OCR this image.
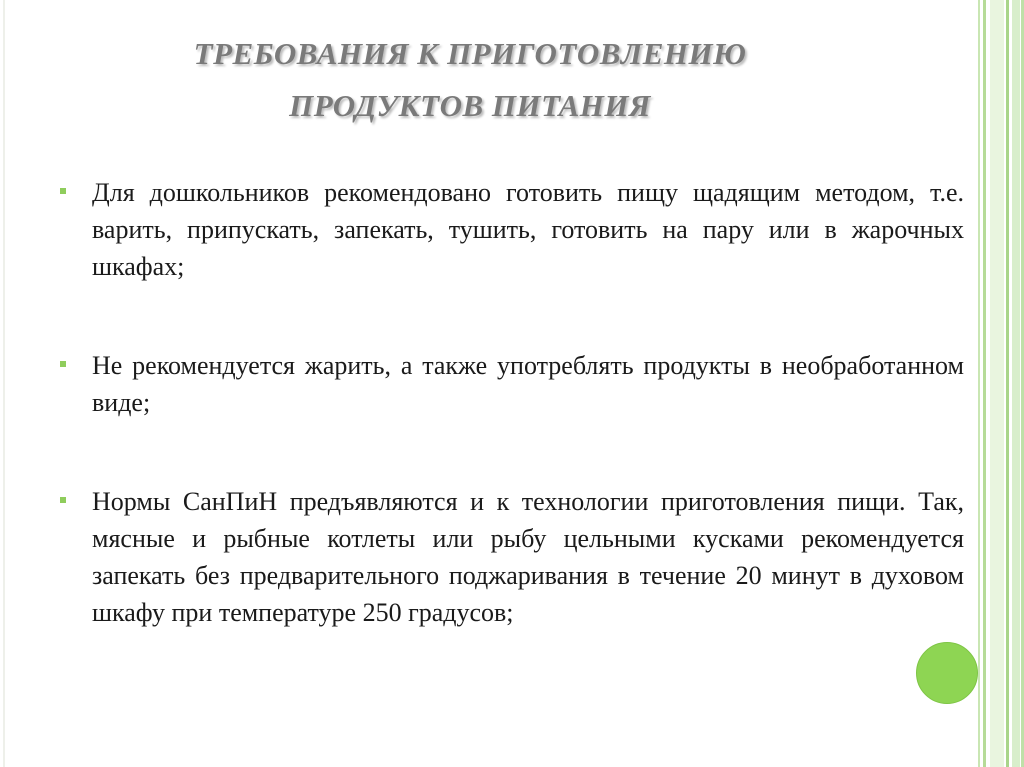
ТРЕБОВАНИЯ К ПРИГОТОВЛЕНИЮ
ПРОДУКТОВ ПИТАНИЯ
Для дошкольников рекомендовано готовить пищу щадящим методом, т.е. варить, припускать, запекать, тушить, готовить на пару или в жарочных шкафах;
Не рекомендуется жарить, а также употреблять продукты в необработанном виде;
Нормы СанПиН предъявляются и к технологии приготовления пищи. Так, мясные и рыбные котлеты или рыбу цельными кусками рекомендуется запекать без предварительного поджаривания в течение 20 минут в духовом шкафу при температуре 250 градусов;
